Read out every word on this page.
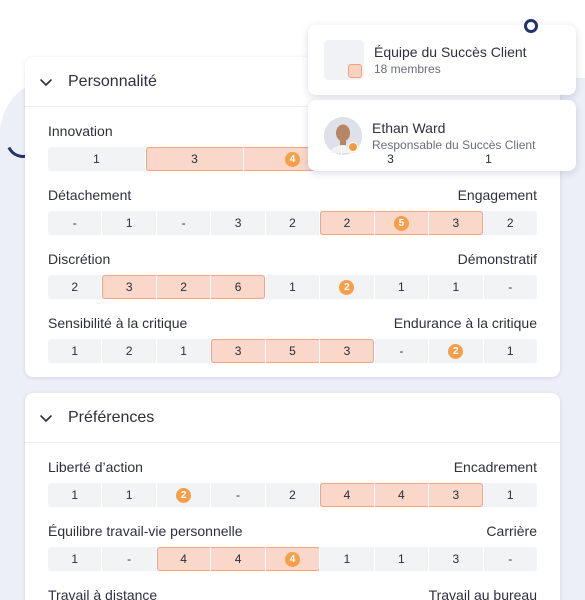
Personnalité
Innovation
1	3	4	3	1
Détachement	Engagement
-	1	-	3	2	2	5	3	2
Discrétion	Démonstratif
2	3	2	6	1	2	1	1	-
Sensibilité à la critique	Endurance à la critique
1	2	1	3	5	3	-	2	1
Préférences
Liberté d’action	Encadrement
1	1	2	-	2	4	4	3	1
Équilibre travail-vie personnelle	Carrière
1	-	4	4	4	1	1	3	-
Travail à distance	Travail au bureau
Équipe du Succès Client
18 membres
Ethan Ward
Responsable du Succès Client
